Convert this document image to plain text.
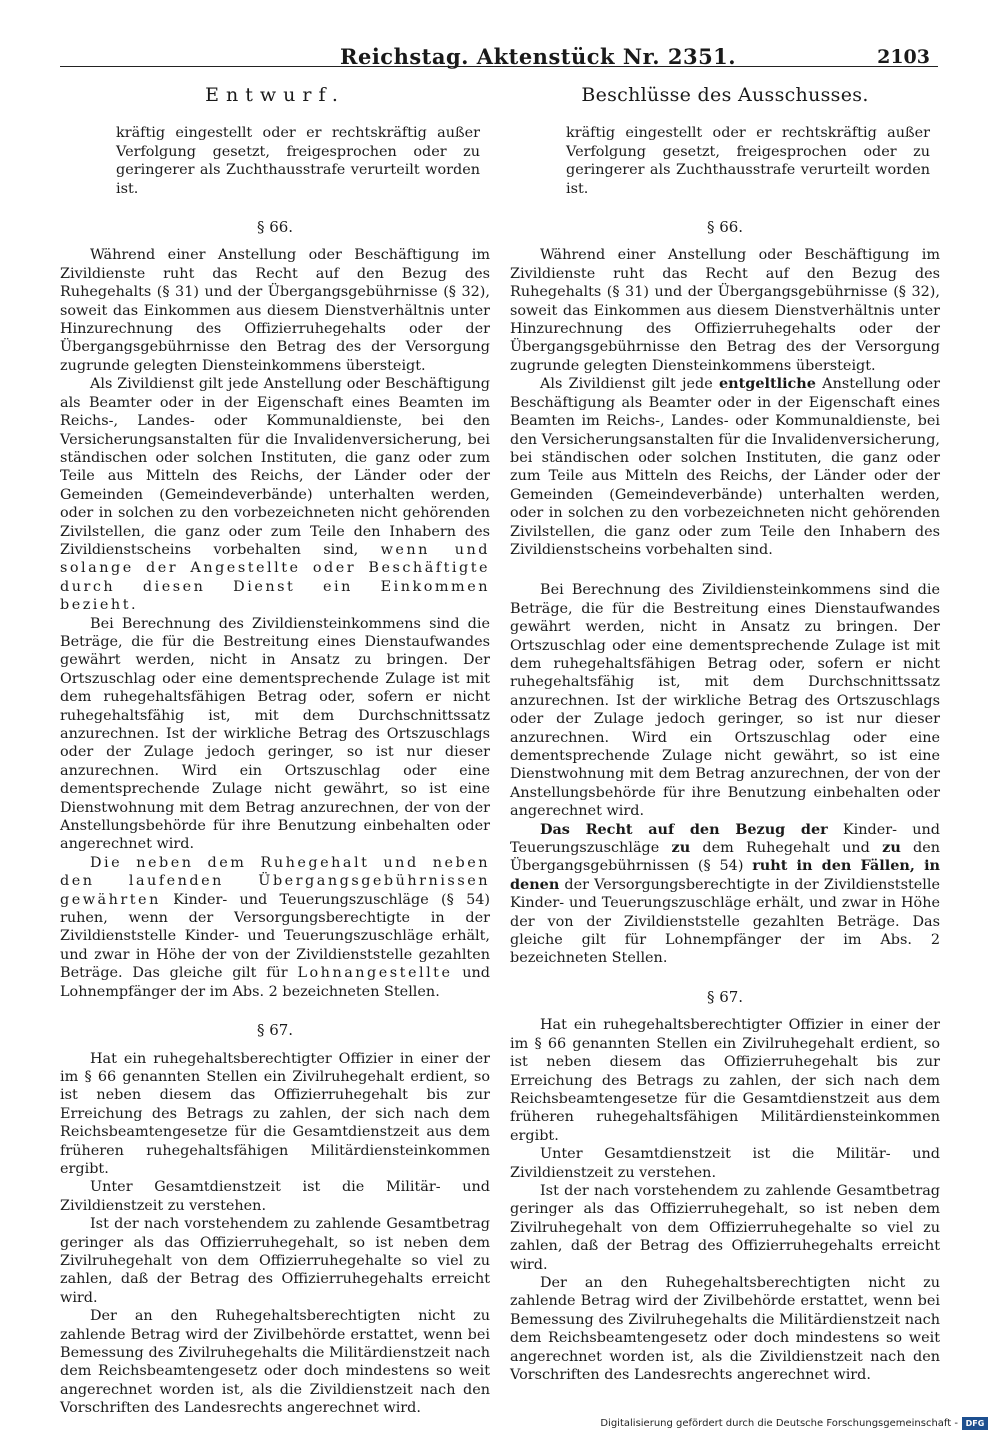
Reichstag. Aktenstück Nr. 2351.	2103
Entwurf.

kräftig eingestellt oder er rechtskräftig außer Verfolgung gesetzt, freigesprochen oder zu geringerer als Zuchthausstrafe verurteilt worden ist.

§ 66.

Während einer Anstellung oder Beschäftigung im Zivildienste ruht das Recht auf den Bezug des Ruhegehalts (§ 31) und der Übergangsgebührnisse (§ 32), soweit das Einkommen aus diesem Dienstverhältnis unter Hinzurechnung des Offizierruhegehalts oder der Übergangsgebührnisse den Betrag des der Versorgung zugrunde gelegten Diensteinkommens übersteigt.

Als Zivildienst gilt jede Anstellung oder Beschäftigung als Beamter oder in der Eigenschaft eines Beamten im Reichs-, Landes- oder Kommunaldienste, bei den Versicherungsanstalten für die Invalidenversicherung, bei ständischen oder solchen Instituten, die ganz oder zum Teile aus Mitteln des Reichs, der Länder oder der Gemeinden (Gemeindeverbände) unterhalten werden, oder in solchen zu den vorbezeichneten nicht gehörenden Zivilstellen, die ganz oder zum Teile den Inhabern des Zivildienstscheins vorbehalten sind, wenn und solange der Angestellte oder Beschäftigte durch diesen Dienst ein Einkommen bezieht.

Bei Berechnung des Zivildiensteinkommens sind die Beträge, die für die Bestreitung eines Dienstaufwandes gewährt werden, nicht in Ansatz zu bringen. Der Ortszuschlag oder eine dementsprechende Zulage ist mit dem ruhegehaltsfähigen Betrag oder, sofern er nicht ruhegehaltsfähig ist, mit dem Durchschnittssatz anzurechnen. Ist der wirkliche Betrag des Ortszuschlags oder der Zulage jedoch geringer, so ist nur dieser anzurechnen. Wird ein Ortszuschlag oder eine dementsprechende Zulage nicht gewährt, so ist eine Dienstwohnung mit dem Betrag anzurechnen, der von der Anstellungsbehörde für ihre Benutzung einbehalten oder angerechnet wird.

Die neben dem Ruhegehalt und neben den laufenden Übergangsgebührnissen gewährten Kinder- und Teuerungszuschläge (§ 54) ruhen, wenn der Versorgungsberechtigte in der Zivildienststelle Kinder- und Teuerungszuschläge erhält, und zwar in Höhe der von der Zivildienststelle gezahlten Beträge. Das gleiche gilt für Lohnangestellte und Lohnempfänger der im Abs. 2 bezeichneten Stellen.

§ 67.

Hat ein ruhegehaltsberechtigter Offizier in einer der im § 66 genannten Stellen ein Zivilruhegehalt erdient, so ist neben diesem das Offizierruhegehalt bis zur Erreichung des Betrags zu zahlen, der sich nach dem Reichsbeamtengesetze für die Gesamtdienstzeit aus dem früheren ruhegehaltsfähigen Militärdiensteinkommen ergibt.

Unter Gesamtdienstzeit ist die Militär- und Zivildienstzeit zu verstehen.

Ist der nach vorstehendem zu zahlende Gesamtbetrag geringer als das Offizierruhegehalt, so ist neben dem Zivilruhegehalt von dem Offizierruhegehalte so viel zu zahlen, daß der Betrag des Offizierruhegehalts erreicht wird.

Der an den Ruhegehaltsberechtigten nicht zu zahlende Betrag wird der Zivilbehörde erstattet, wenn bei Bemessung des Zivilruhegehalts die Militärdienstzeit nach dem Reichsbeamtengesetz oder doch mindestens so weit angerechnet worden ist, als die Zivildienstzeit nach den Vorschriften des Landesrechts angerechnet wird.

Beschlüsse des Ausschusses.

kräftig eingestellt oder er rechtskräftig außer Verfolgung gesetzt, freigesprochen oder zu geringerer als Zuchthausstrafe verurteilt worden ist.

§ 66.

Während einer Anstellung oder Beschäftigung im Zivildienste ruht das Recht auf den Bezug des Ruhegehalts (§ 31) und der Übergangsgebührnisse (§ 32), soweit das Einkommen aus diesem Dienstverhältnis unter Hinzurechnung des Offizierruhegehalts oder der Übergangsgebührnisse den Betrag des der Versorgung zugrunde gelegten Diensteinkommens übersteigt.

Als Zivildienst gilt jede entgeltliche Anstellung oder Beschäftigung als Beamter oder in der Eigenschaft eines Beamten im Reichs-, Landes- oder Kommunaldienste, bei den Versicherungsanstalten für die Invalidenversicherung, bei ständischen oder solchen Instituten, die ganz oder zum Teile aus Mitteln des Reichs, der Länder oder der Gemeinden (Gemeindeverbände) unterhalten werden, oder in solchen zu den vorbezeichneten nicht gehörenden Zivilstellen, die ganz oder zum Teile den Inhabern des Zivildienstscheins vorbehalten sind.

Bei Berechnung des Zivildiensteinkommens sind die Beträge, die für die Bestreitung eines Dienstaufwandes gewährt werden, nicht in Ansatz zu bringen. Der Ortszuschlag oder eine dementsprechende Zulage ist mit dem ruhegehaltsfähigen Betrag oder, sofern er nicht ruhegehaltsfähig ist, mit dem Durchschnittssatz anzurechnen. Ist der wirkliche Betrag des Ortszuschlags oder der Zulage jedoch geringer, so ist nur dieser anzurechnen. Wird ein Ortszuschlag oder eine dementsprechende Zulage nicht gewährt, so ist eine Dienstwohnung mit dem Betrag anzurechnen, der von der Anstellungsbehörde für ihre Benutzung einbehalten oder angerechnet wird.

Das Recht auf den Bezug der Kinder- und Teuerungszuschläge zu dem Ruhegehalt und zu den Übergangsgebührnissen (§ 54) ruht in den Fällen, in denen der Versorgungsberechtigte in der Zivildienststelle Kinder- und Teuerungszuschläge erhält, und zwar in Höhe der von der Zivildienststelle gezahlten Beträge. Das gleiche gilt für Lohnempfänger der im Abs. 2 bezeichneten Stellen.

§ 67.

Hat ein ruhegehaltsberechtigter Offizier in einer der im § 66 genannten Stellen ein Zivilruhegehalt erdient, so ist neben diesem das Offizierruhegehalt bis zur Erreichung des Betrags zu zahlen, der sich nach dem Reichsbeamtengesetze für die Gesamtdienstzeit aus dem früheren ruhegehaltsfähigen Militärdiensteinkommen ergibt.

Unter Gesamtdienstzeit ist die Militär- und Zivildienstzeit zu verstehen.

Ist der nach vorstehendem zu zahlende Gesamtbetrag geringer als das Offizierruhegehalt, so ist neben dem Zivilruhegehalt von dem Offizierruhegehalte so viel zu zahlen, daß der Betrag des Offizierruhegehalts erreicht wird.

Der an den Ruhegehaltsberechtigten nicht zu zahlende Betrag wird der Zivilbehörde erstattet, wenn bei Bemessung des Zivilruhegehalts die Militärdienstzeit nach dem Reichsbeamtengesetz oder doch mindestens so weit angerechnet worden ist, als die Zivildienstzeit nach den Vorschriften des Landesrechts angerechnet wird.

Digitalisierung gefördert durch die Deutsche Forschungsgemeinschaft - DFG
